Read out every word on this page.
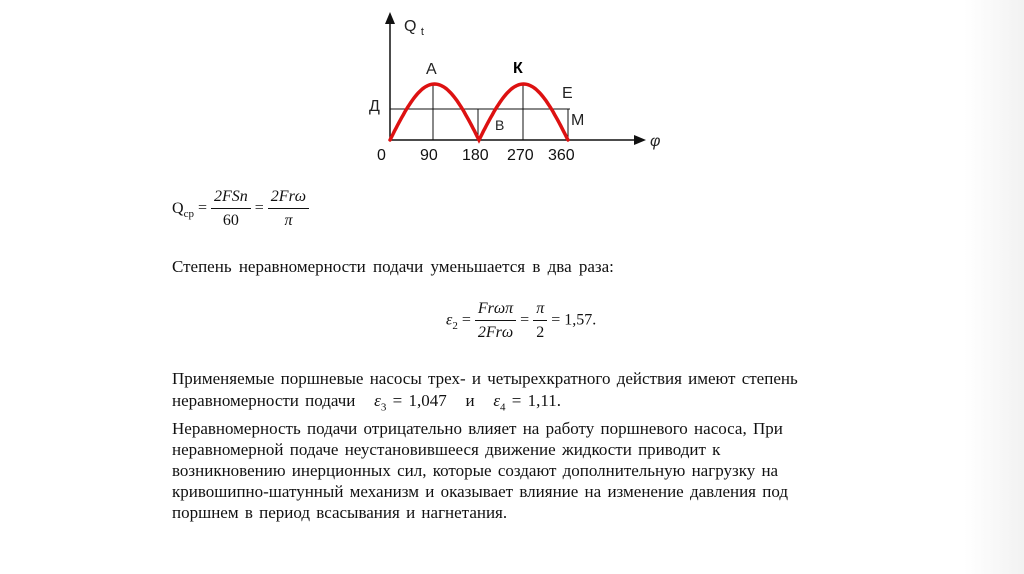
Q $_t$
A	К
E
Д
B	M
φ
0 90 180 270 360
$Q_{cp} = \frac{\text{2FSn}}{60} = \frac{\text{2Frω}}{\pi}$
Степень неравномерности подачи уменьшается в два раза:
$\varepsilon_2 = \frac{\text{Frωπ}}{\text{2Frω}} = \frac{\pi}{2} = 1,57$.
Применяемые поршневые насосы трех- и четырехкратного действия имеют степень
неравномерности подачи $\varepsilon_3 = 1,047$ и $\varepsilon_4 = 1,11$.
Неравномерность подачи отрицательно влияет на работу поршневого насоса, При
неравномерной подаче неустановившееся движение жидкости приводит к
возникновению инерционных сил, которые создают дополнительную нагрузку на
кривошипно-шатунный механизм и оказывает влияние на изменение давления под
поршнем в период всасывания и нагнетания.
